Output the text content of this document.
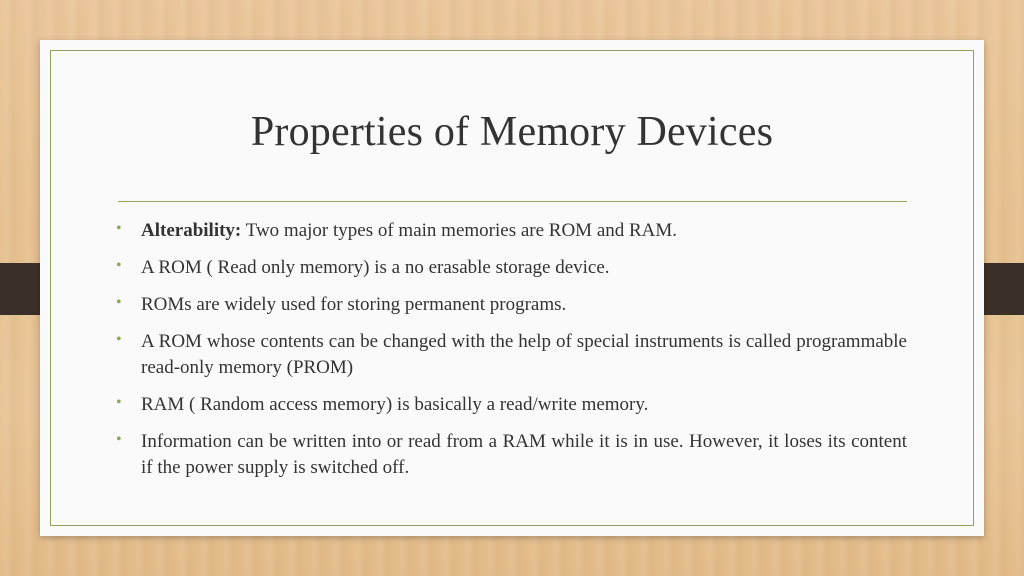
Properties of Memory Devices
• Alterability: Two major types of main memories are ROM and RAM.
• A ROM ( Read only memory) is a no erasable storage device.
• ROMs are widely used for storing permanent programs.
• A ROM whose contents can be changed with the help of special instruments is called programmable read-only memory (PROM)
• RAM ( Random access memory) is basically a read/write memory.
• Information can be written into or read from a RAM while it is in use. However, it loses its content if the power supply is switched off.
